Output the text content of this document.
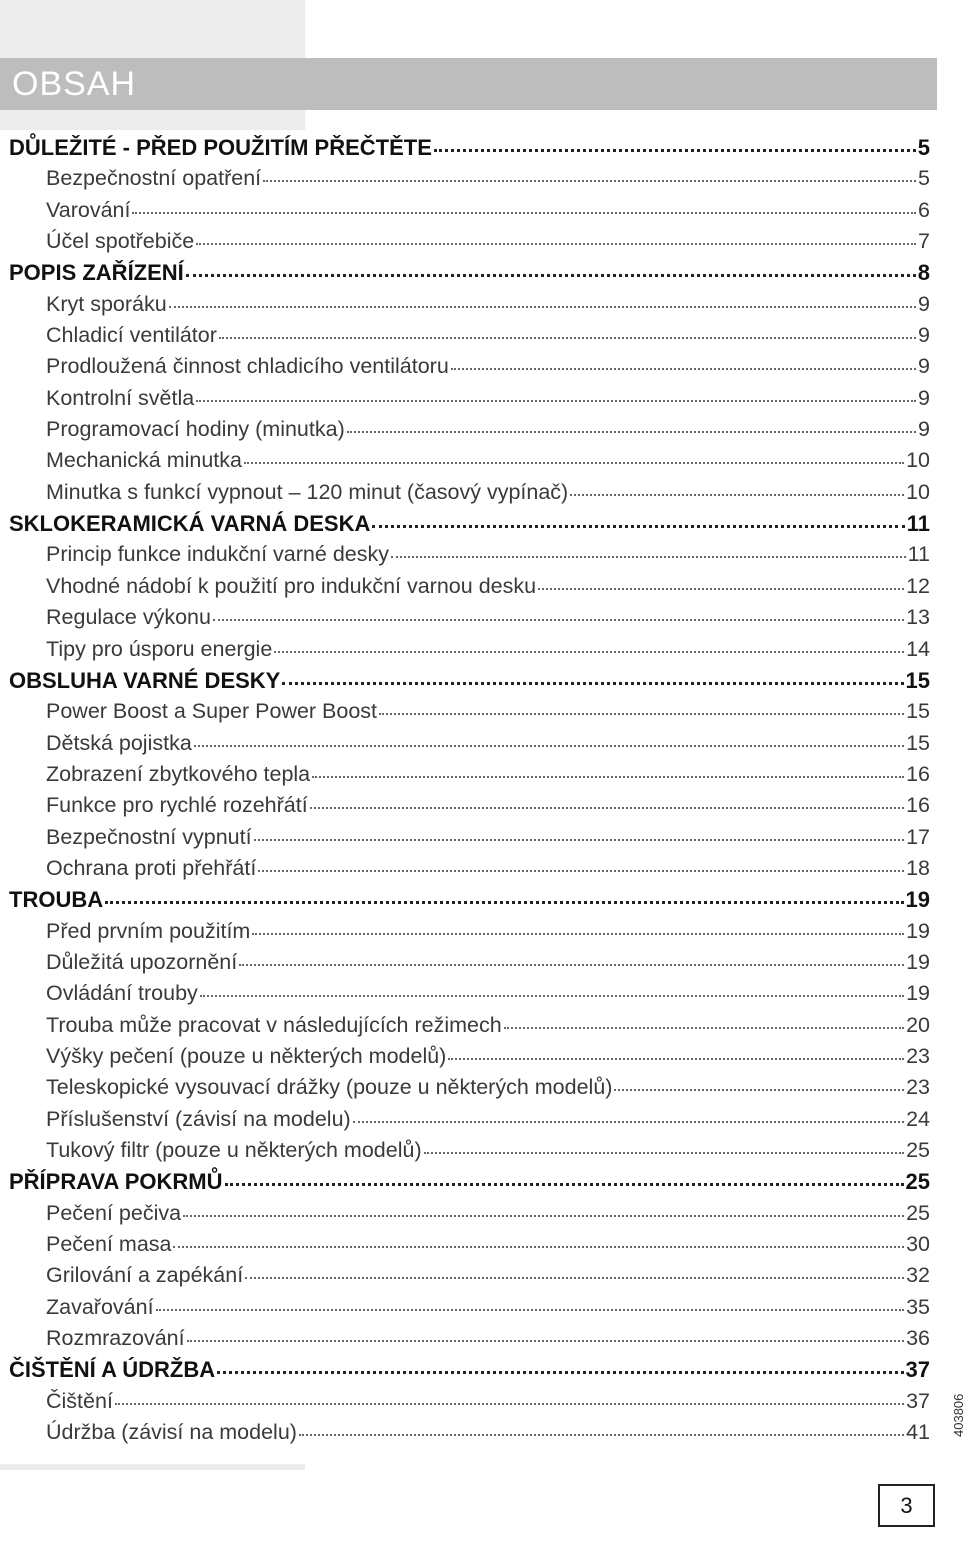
OBSAH
DŮLEŽITÉ - PŘED POUŽITÍM PŘEČTĚTE	5
Bezpečnostní opatření	5
Varování	6
Účel spotřebiče	7
POPIS ZAŘÍZENÍ	8
Kryt sporáku	9
Chladicí ventilátor	9
Prodloužená činnost chladicího ventilátoru	9
Kontrolní světla	9
Programovací hodiny (minutka)	9
Mechanická minutka	10
Minutka s funkcí vypnout – 120 minut (časový vypínač)	10
SKLOKERAMICKÁ VARNÁ DESKA	11
Princip funkce indukční varné desky	11
Vhodné nádobí k použití pro indukční varnou desku	12
Regulace výkonu	13
Tipy pro úsporu energie	14
OBSLUHA VARNÉ DESKY	15
Power Boost a Super Power Boost	15
Dětská pojistka	15
Zobrazení zbytkového tepla	16
Funkce pro rychlé rozehřátí	16
Bezpečnostní vypnutí	17
Ochrana proti přehřátí	18
TROUBA	19
Před prvním použitím	19
Důležitá upozornění	19
Ovládání trouby	19
Trouba může pracovat v následujících režimech	20
Výšky pečení (pouze u některých modelů)	23
Teleskopické vysouvací drážky (pouze u některých modelů)	23
Příslušenství (závisí na modelu)	24
Tukový filtr (pouze u některých modelů)	25
PŘÍPRAVA POKRMŮ	25
Pečení pečiva	25
Pečení masa	30
Grilování a zapékání	32
Zavařování	35
Rozmrazování	36
ČIŠTĚNÍ A ÚDRŽBA	37
Čištění	37
Údržba (závisí na modelu)	41 403806
3
